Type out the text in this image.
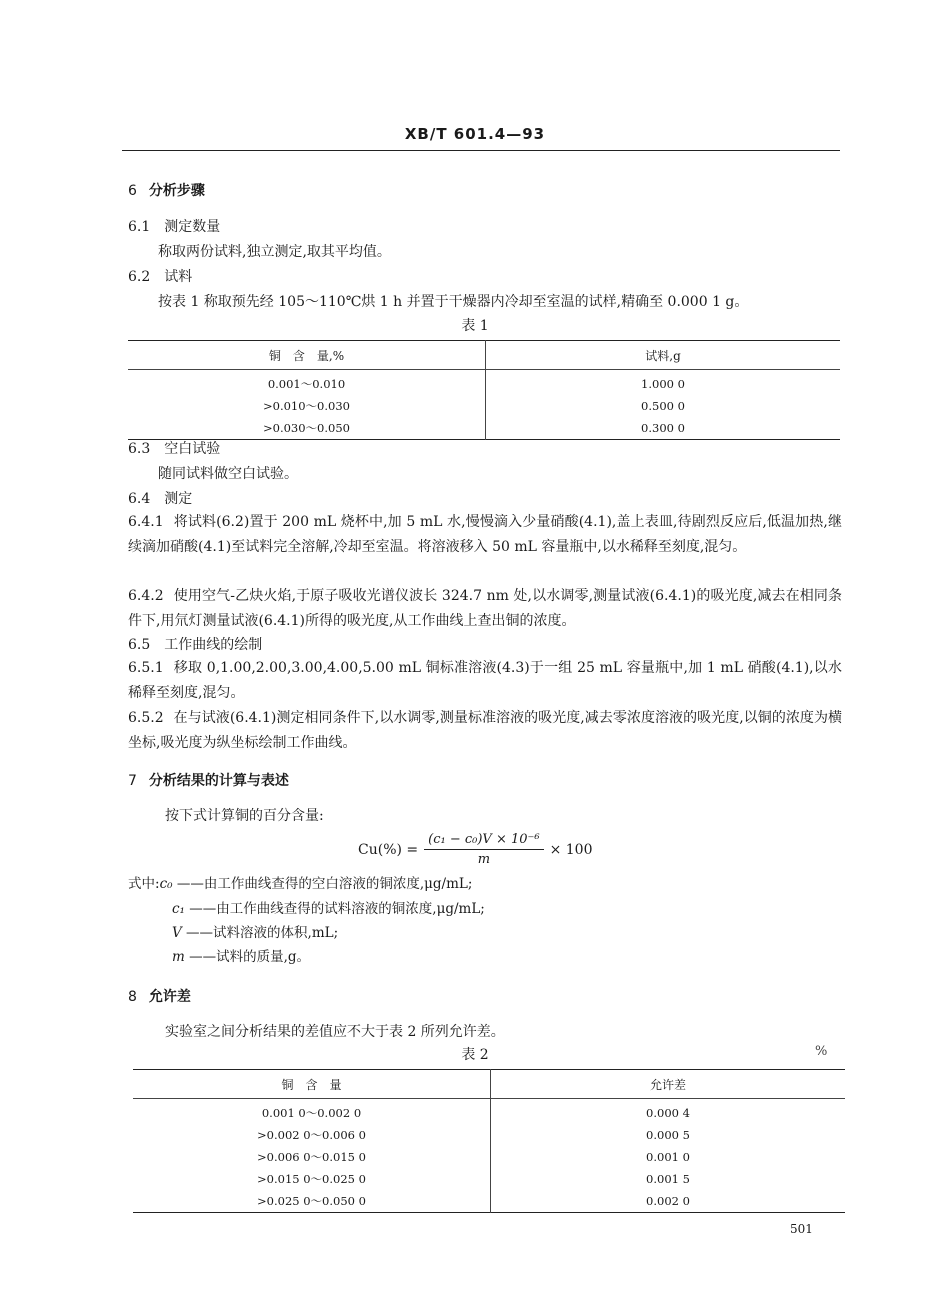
XB/T 601.4—93
6 分析步骤
6.1 测定数量
称取两份试料,独立测定,取其平均值。
6.2 试料
按表 1 称取预先经 105～110℃烘 1 h 并置于干燥器内冷却至室温的试样,精确至 0.000 1 g。
表 1
铜　含　量,%	试料,g
0.001～0.010	1.000 0
>0.010～0.030	0.500 0
>0.030～0.050	0.300 0
6.3 空白试验
随同试料做空白试验。
6.4 测定
6.4.1 将试料(6.2)置于 200 mL 烧杯中,加 5 mL 水,慢慢滴入少量硝酸(4.1),盖上表皿,待剧烈反应后,低温加热,继续滴加硝酸(4.1)至试料完全溶解,冷却至室温。将溶液移入 50 mL 容量瓶中,以水稀释至刻度,混匀。
6.4.2 使用空气-乙炔火焰,于原子吸收光谱仪波长 324.7 nm 处,以水调零,测量试液(6.4.1)的吸光度,减去在相同条件下,用氘灯测量试液(6.4.1)所得的吸光度,从工作曲线上查出铜的浓度。
6.5 工作曲线的绘制
6.5.1 移取 0,1.00,2.00,3.00,4.00,5.00 mL 铜标准溶液(4.3)于一组 25 mL 容量瓶中,加 1 mL 硝酸(4.1),以水稀释至刻度,混匀。
6.5.2 在与试液(6.4.1)测定相同条件下,以水调零,测量标准溶液的吸光度,减去零浓度溶液的吸光度,以铜的浓度为横坐标,吸光度为纵坐标绘制工作曲线。
7 分析结果的计算与表述
按下式计算铜的百分含量:
$Cu(\%) = \frac{\text{(c₁ − c₀)V × 10⁻⁶}}{m} \times 100$
式中:c₀ ——由工作曲线查得的空白溶液的铜浓度,μg/mL;
c₁ ——由工作曲线查得的试料溶液的铜浓度,μg/mL;
V ——试料溶液的体积,mL;
m ——试料的质量,g。
8 允许差
实验室之间分析结果的差值应不大于表 2 所列允许差。
表 2	%
铜　含　量	允许差
0.001 0～0.002 0	0.000 4
>0.002 0～0.006 0	0.000 5
>0.006 0～0.015 0	0.001 0
>0.015 0～0.025 0	0.001 5
>0.025 0～0.050 0	0.002 0
501
